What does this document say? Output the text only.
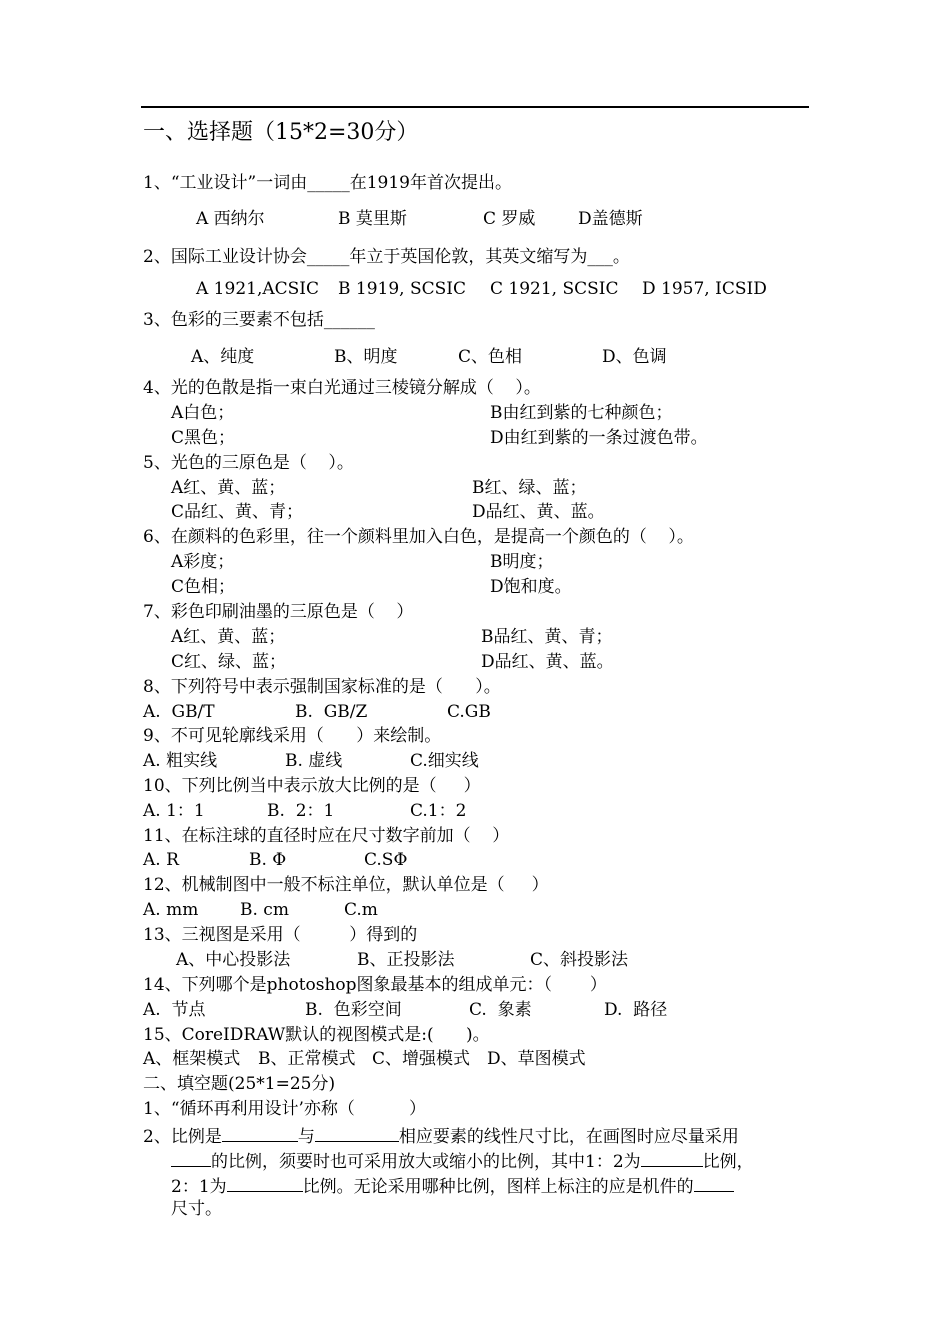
一、选择题（15*2=30分）
1、“工业设计”一词由_____在1919年首次提出。
A 西纳尔	B 莫里斯	C 罗威	D盖德斯
2、国际工业设计协会_____年立于英国伦敦，其英文缩写为___。
A 1921,ACSIC B 1919, SCSIC C 1921, SCSIC D 1957, ICSID
3、色彩的三要素不包括______
A、纯度	B、明度	C、色相	D、色调
4、光的色散是指一束白光通过三棱镜分解成（    ）。
A白色；	B由红到紫的七种颜色；
C黑色；	D由红到紫的一条过渡色带。
5、光色的三原色是（    ）。
A红、黄、蓝；	B红、绿、蓝；
C品红、黄、青；	D品红、黄、蓝。
6、在颜料的色彩里，往一个颜料里加入白色，是提高一个颜色的（    ）。
A彩度；	B明度；
C色相；	D饱和度。
7、彩色印刷油墨的三原色是（    ）
A红、黄、蓝；	B品红、黄、青；
C红、绿、蓝；	D品红、黄、蓝。
8、下列符号中表示强制国家标准的是（      ）。
A.  GB/T	B.  GB/Z	C.GB
9、不可见轮廓线采用（      ）来绘制。
A. 粗实线	B. 虚线	C.细实线
10、下列比例当中表示放大比例的是（     ）
A. 1：1	B.  2：1	C.1：2
11、在标注球的直径时应在尺寸数字前加（    ）
A. R	B. Φ	C.SΦ
12、机械制图中一般不标注单位，默认单位是（     ）
A. mm B. cm	C.m
13、三视图是采用（         ）得到的
A、中心投影法	B、正投影法	C、斜投影法
14、下列哪个是photoshop图象最基本的组成单元：（       ）
A.  节点	B.  色彩空间	C.  象素	D.  路径
15、CoreIDRAW默认的视图模式是:(      )。
A、框架模式 B、正常模式 C、增强模式 D、草图模式
二、填空题(25*1=25分)
1、“循环再利用设计’亦称（          ）
2、比例是	与	相应要素的线性尺寸比，在画图时应尽量采用
的比例，须要时也可采用放大或缩小的比例，其中1：2为	比例，
2：1为	比例。无论采用哪种比例，图样上标注的应是机件的
尺寸。
